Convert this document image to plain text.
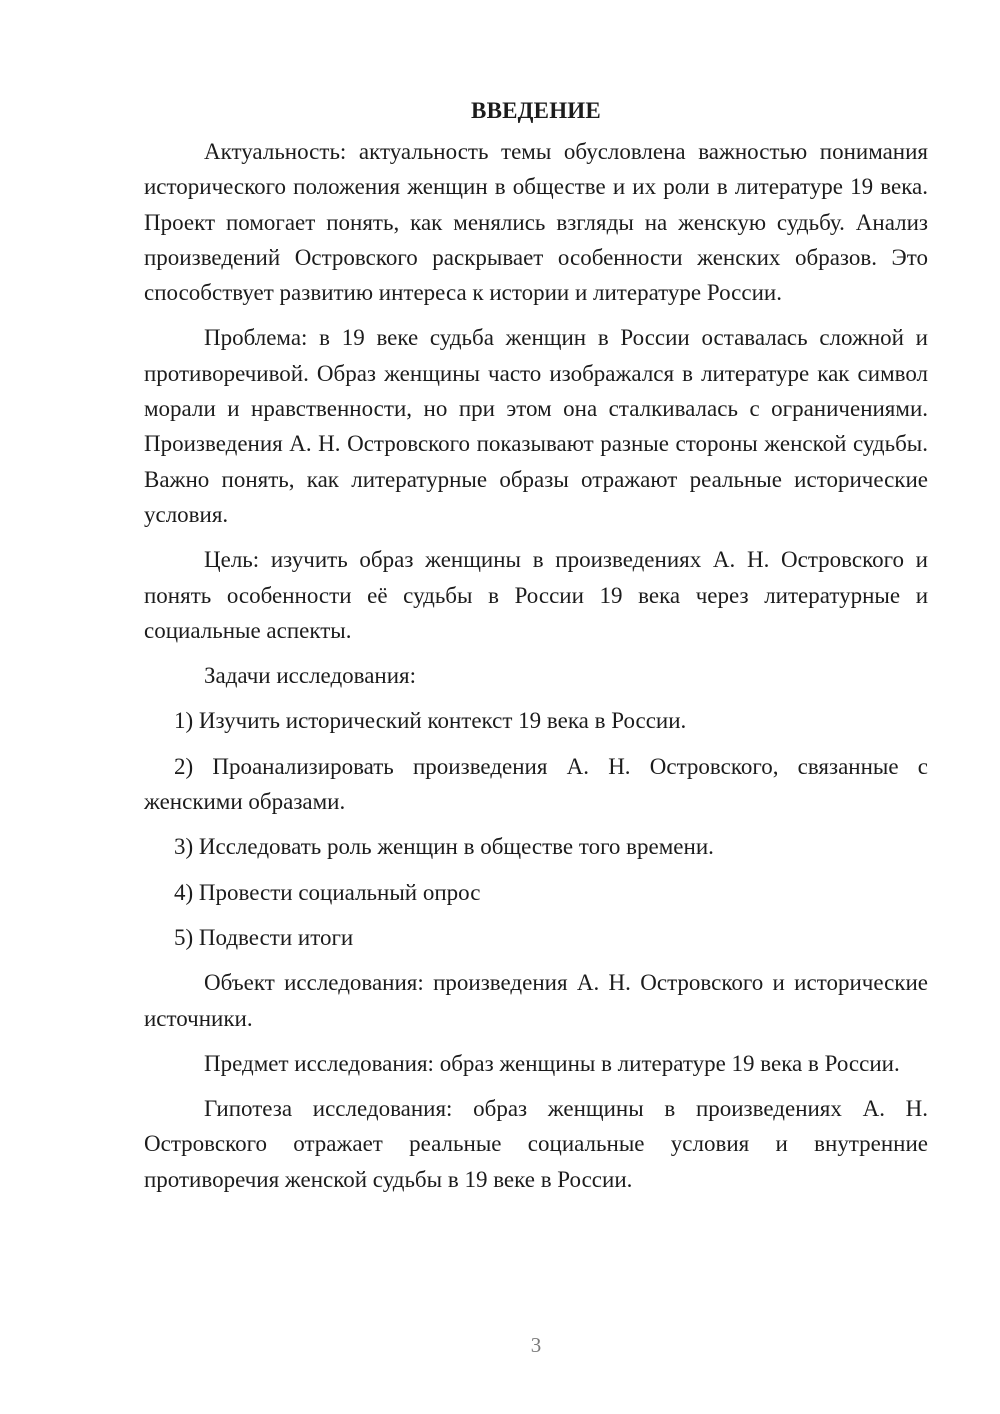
ВВЕДЕНИЕ

Актуальность: актуальность темы обусловлена важностью понимания исторического положения женщин в обществе и их роли в литературе 19 века. Проект помогает понять, как менялись взгляды на женскую судьбу. Анализ произведений Островского раскрывает особенности женских образов. Это способствует развитию интереса к истории и литературе России.

Проблема: в 19 веке судьба женщин в России оставалась сложной и противоречивой. Образ женщины часто изображался в литературе как символ морали и нравственности, но при этом она сталкивалась с ограничениями. Произведения А. Н. Островского показывают разные стороны женской судьбы. Важно понять, как литературные образы отражают реальные исторические условия.

Цель: изучить образ женщины в произведениях А. Н. Островского и понять особенности её судьбы в России 19 века через литературные и социальные аспекты.

Задачи исследования:

1) Изучить исторический контекст 19 века в России.

2) Проанализировать произведения А. Н. Островского, связанные с женскими образами.

3) Исследовать роль женщин в обществе того времени.

4) Провести социальный опрос

5) Подвести итоги

Объект исследования: произведения А. Н. Островского и исторические источники.

Предмет исследования: образ женщины в литературе 19 века в России.

Гипотеза исследования: образ женщины в произведениях А. Н. Островского отражает реальные социальные условия и внутренние противоречия женской судьбы в 19 веке в России.

3
